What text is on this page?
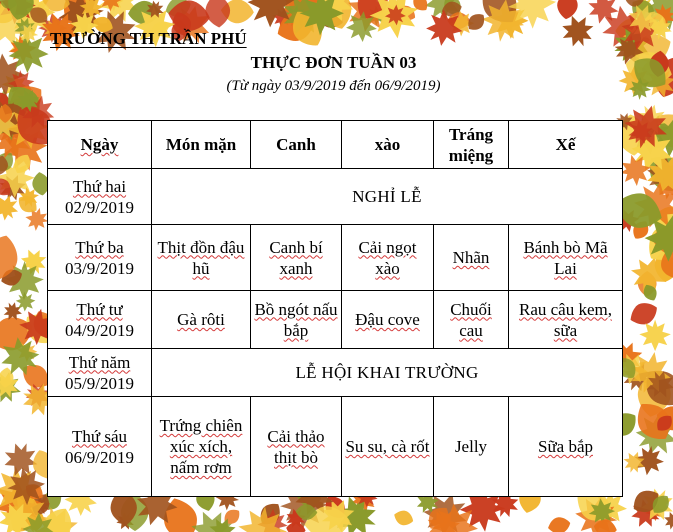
TRƯỜNG TH TRẦN PHÚ
THỰC ĐƠN TUẦN 03
(Từ ngày 03/9/2019 đến 06/9/2019)
Ngày	Món mặn	Canh	xào	Tráng miệng	Xế
Thứ hai
02/9/2019	NGHỈ LỄ				
Thứ ba
03/9/2019	Thịt đồn đậu hũ	Canh bí xanh	Cải ngọt xào	Nhãn	Bánh bò Mã Lai
Thứ tư
04/9/2019	Gà rôti	Bồ ngót nấu bắp	Đậu cove	Chuối cau	Rau câu kem, sữa
Thứ năm
05/9/2019	LỄ HỘI KHAI TRƯỜNG				
Thứ sáu
06/9/2019	Trứng chiên xúc xích, nấm rơm	Cải thảo thịt bò	Su su, cà rốt	Jelly	Sữa bắp
